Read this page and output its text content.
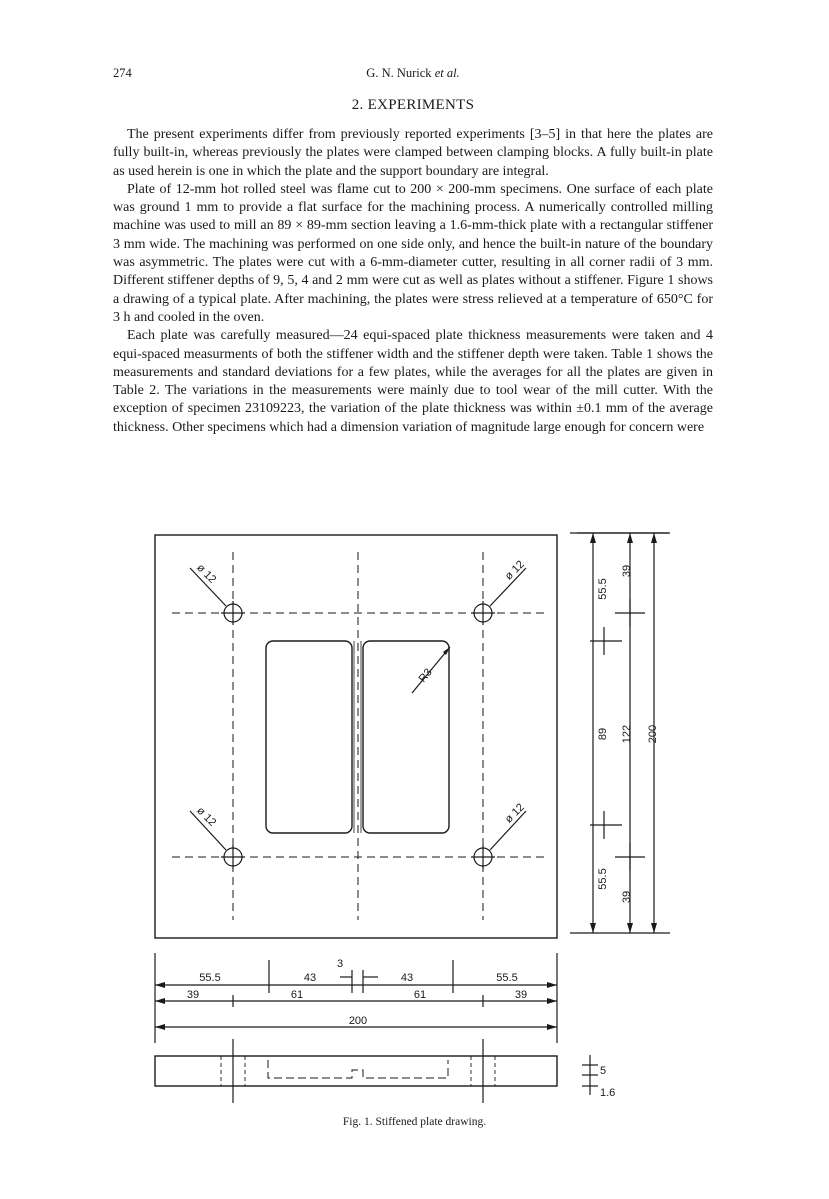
274	G. N. Nurick et al.
2. EXPERIMENTS

The present experiments differ from previously reported experiments [3–5] in that here the plates are fully built-in, whereas previously the plates were clamped between clamping blocks. A fully built-in plate as used herein is one in which the plate and the support boundary are integral.

Plate of 12-mm hot rolled steel was flame cut to 200 × 200-mm specimens. One surface of each plate was ground 1 mm to provide a flat surface for the machining process. A numerically controlled milling machine was used to mill an 89 × 89-mm section leaving a 1.6-mm-thick plate with a rectangular stiffener 3 mm wide. The machining was performed on one side only, and hence the built-in nature of the boundary was asymmetric. The plates were cut with a 6-mm-diameter cutter, resulting in all corner radii of 3 mm. Different stiffener depths of 9, 5, 4 and 2 mm were cut as well as plates without a stiffener. Figure 1 shows a drawing of a typical plate. After machining, the plates were stress relieved at a temperature of 650°C for 3 h and cooled in the oven.

Each plate was carefully measured—24 equi-spaced plate thickness measurements were taken and 4 equi-spaced measurments of both the stiffener width and the stiffener depth were taken. Table 1 shows the measurements and standard deviations for a few plates, while the averages for all the plates are given in Table 2. The variations in the measurements were mainly due to tool wear of the mill cutter. With the exception of specimen 23109223, the variation of the plate thickness was within ±0.1 mm of the average thickness. Other specimens which had a dimension variation of magnitude large enough for concern were

ø 12	ø 12
ø 12	ø 12
R3
55.5
39
89 122 200
55.5
39
55.5	43
3
43	55.5
39	61	61	39
200
5
1.6
Fig. 1. Stiffened plate drawing.
